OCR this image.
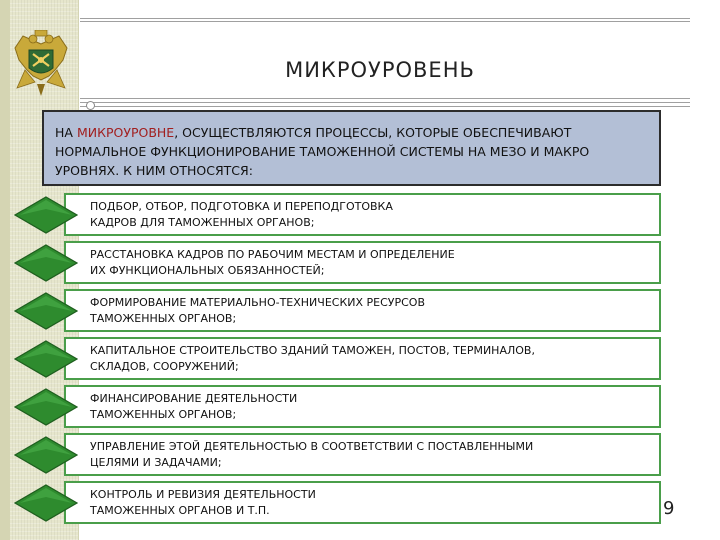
МИКРОУРОВЕНЬ
НА МИКРОУРОВНЕ, ОСУЩЕСТВЛЯЮТСЯ ПРОЦЕССЫ, КОТОРЫЕ ОБЕСПЕЧИВАЮТ НОРМАЛЬНОЕ ФУНКЦИОНИРОВАНИЕ ТАМОЖЕННОЙ СИСТЕМЫ НА МЕЗО И МАКРО УРОВНЯХ. К НИМ ОТНОСЯТСЯ:
ПОДБОР, ОТБОР, ПОДГОТОВКА И ПЕРЕПОДГОТОВКА
КАДРОВ ДЛЯ ТАМОЖЕННЫХ ОРГАНОВ;
РАССТАНОВКА КАДРОВ ПО РАБОЧИМ МЕСТАМ И ОПРЕДЕЛЕНИЕ
ИХ ФУНКЦИОНАЛЬНЫХ ОБЯЗАННОСТЕЙ;
ФОРМИРОВАНИЕ МАТЕРИАЛЬНО-ТЕХНИЧЕСКИХ РЕСУРСОВ
ТАМОЖЕННЫХ ОРГАНОВ;
КАПИТАЛЬНОЕ СТРОИТЕЛЬСТВО ЗДАНИЙ ТАМОЖЕН, ПОСТОВ, ТЕРМИНАЛОВ,
СКЛАДОВ, СООРУЖЕНИЙ;
ФИНАНСИРОВАНИЕ ДЕЯТЕЛЬНОСТИ
ТАМОЖЕННЫХ ОРГАНОВ;
УПРАВЛЕНИЕ ЭТОЙ ДЕЯТЕЛЬНОСТЬЮ В СООТВЕТСТВИИ С ПОСТАВЛЕННЫМИ
ЦЕЛЯМИ И ЗАДАЧАМИ;
КОНТРОЛЬ И РЕВИЗИЯ ДЕЯТЕЛЬНОСТИ
ТАМОЖЕННЫХ ОРГАНОВ И Т.П.	9
